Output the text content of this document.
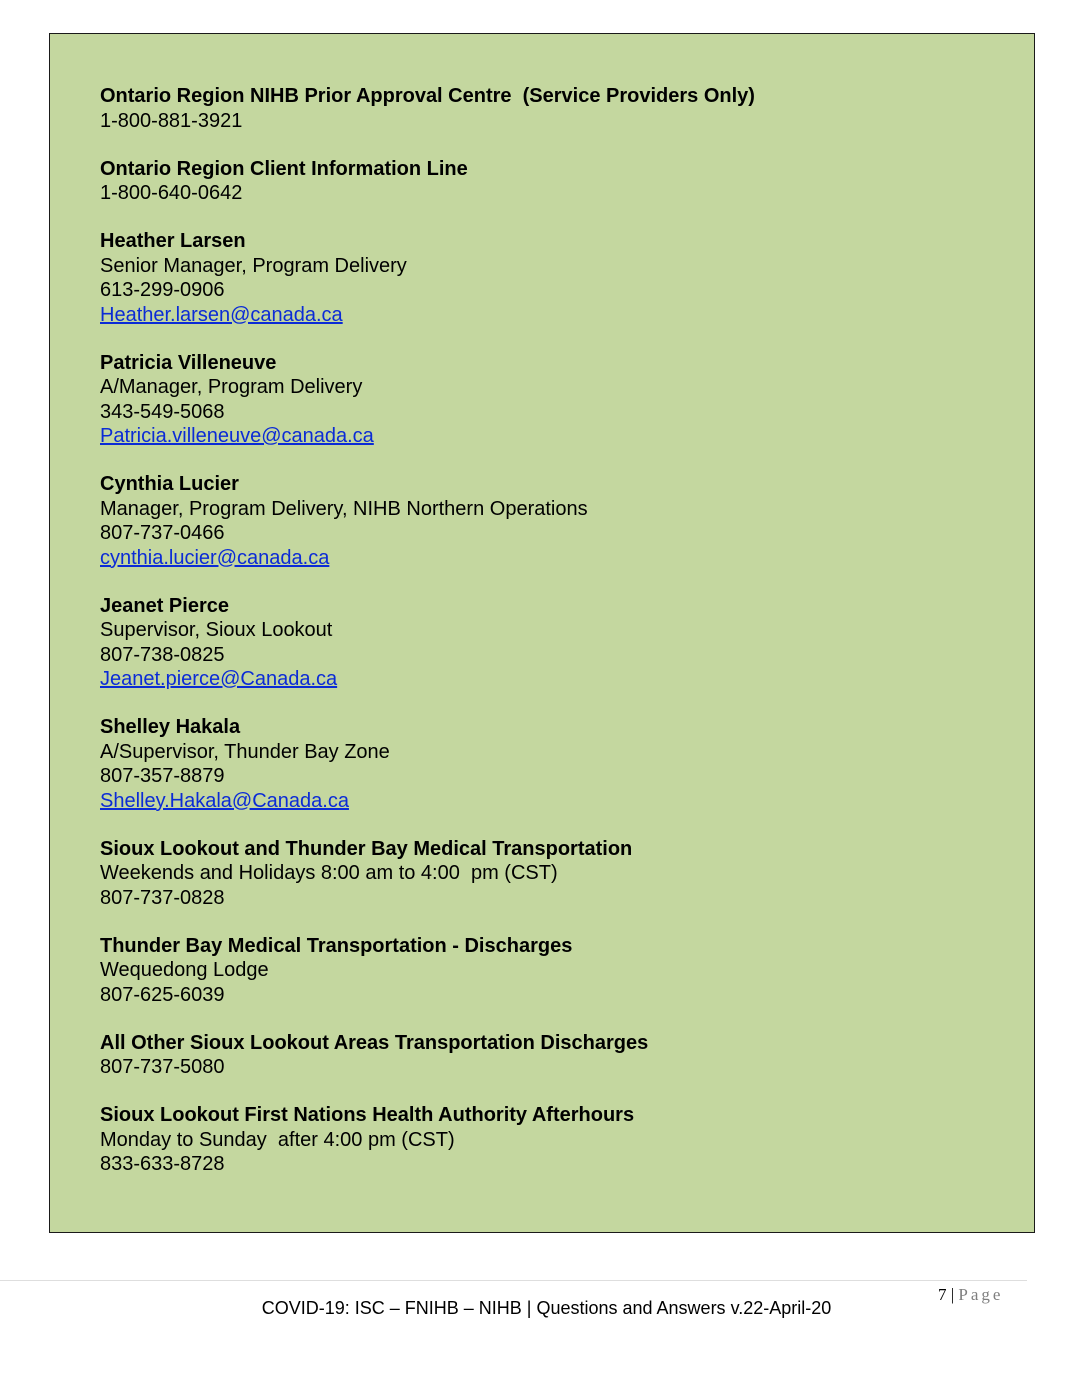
Ontario Region NIHB Prior Approval Centre  (Service Providers Only)
1-800-881-3921
Ontario Region Client Information Line
1-800-640-0642
Heather Larsen
Senior Manager, Program Delivery
613-299-0906
Heather.larsen@canada.ca
Patricia Villeneuve
A/Manager, Program Delivery
343-549-5068
Patricia.villeneuve@canada.ca
Cynthia Lucier
Manager, Program Delivery, NIHB Northern Operations
807-737-0466
cynthia.lucier@canada.ca
Jeanet Pierce
Supervisor, Sioux Lookout
807-738-0825
Jeanet.pierce@Canada.ca
Shelley Hakala
A/Supervisor, Thunder Bay Zone
807-357-8879
Shelley.Hakala@Canada.ca
Sioux Lookout and Thunder Bay Medical Transportation
Weekends and Holidays 8:00 am to 4:00  pm (CST)
807-737-0828
Thunder Bay Medical Transportation - Discharges
Wequedong Lodge
807-625-6039
All Other Sioux Lookout Areas Transportation Discharges
807-737-5080
Sioux Lookout First Nations Health Authority Afterhours
Monday to Sunday  after 4:00 pm (CST)
833-633-8728
7 | Page
COVID-19: ISC – FNIHB – NIHB | Questions and Answers v.22-April-20
